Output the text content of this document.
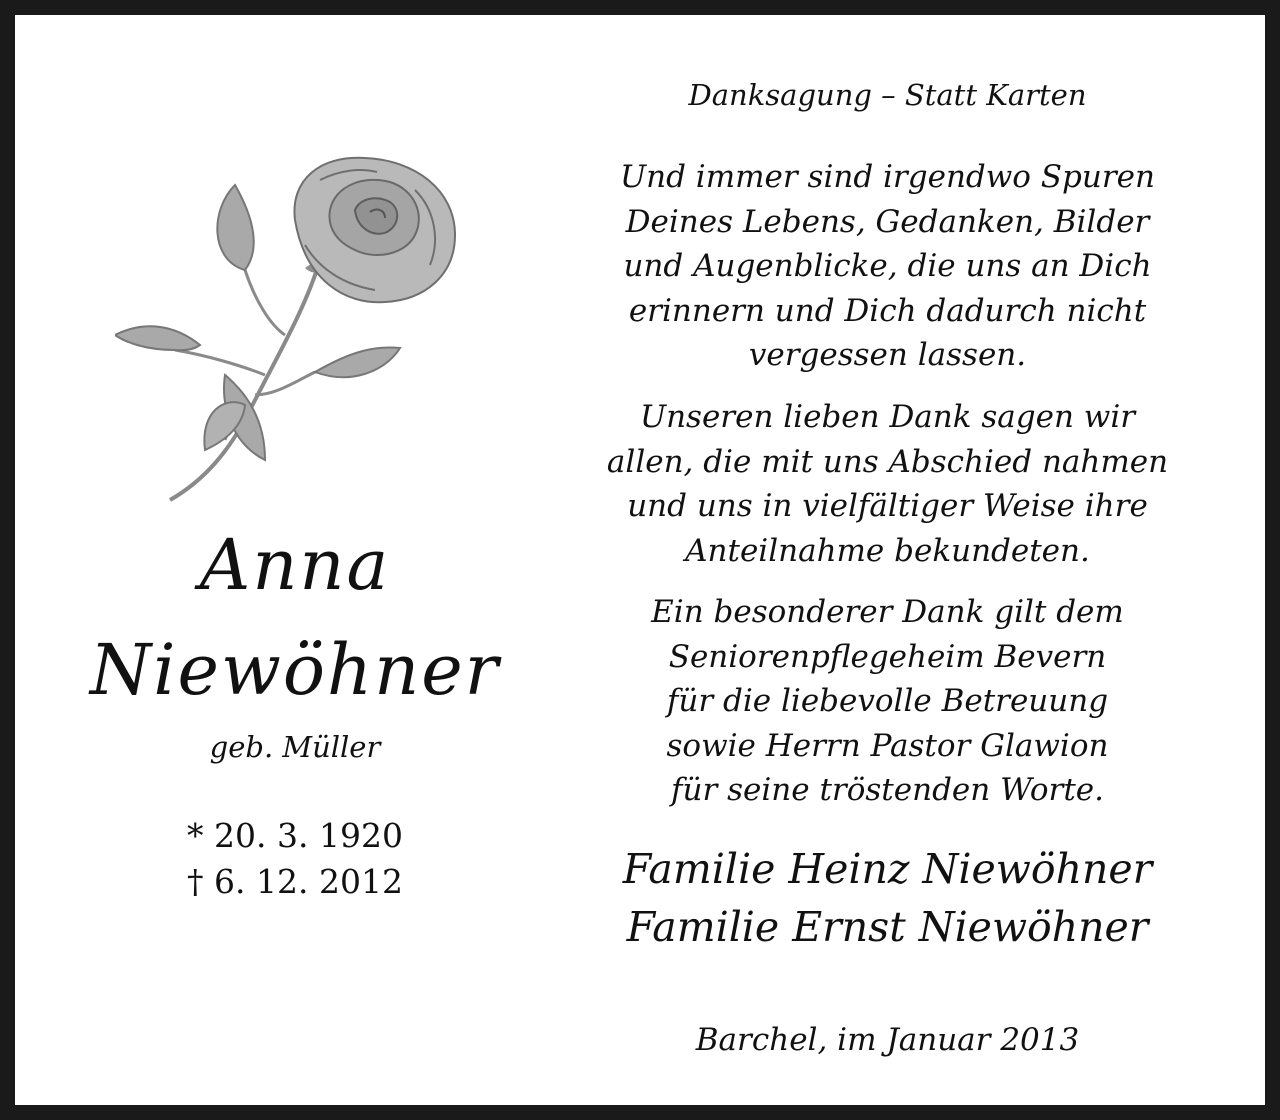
Anna
Niewöhner
geb. Müller
* 20. 3. 1920
† 6. 12. 2012
Danksagung – Statt Karten
Und immer sind irgendwo Spuren
Deines Lebens, Gedanken, Bilder
und Augenblicke, die uns an Dich
erinnern und Dich dadurch nicht
vergessen lassen.
Unseren lieben Dank sagen wir
allen, die mit uns Abschied nahmen
und uns in vielfältiger Weise ihre
Anteilnahme bekundeten.
Ein besonderer Dank gilt dem
Seniorenpflegeheim Bevern
für die liebevolle Betreuung
sowie Herrn Pastor Glawion
für seine tröstenden Worte.
Familie Heinz Niewöhner
Familie Ernst Niewöhner
Barchel, im Januar 2013
